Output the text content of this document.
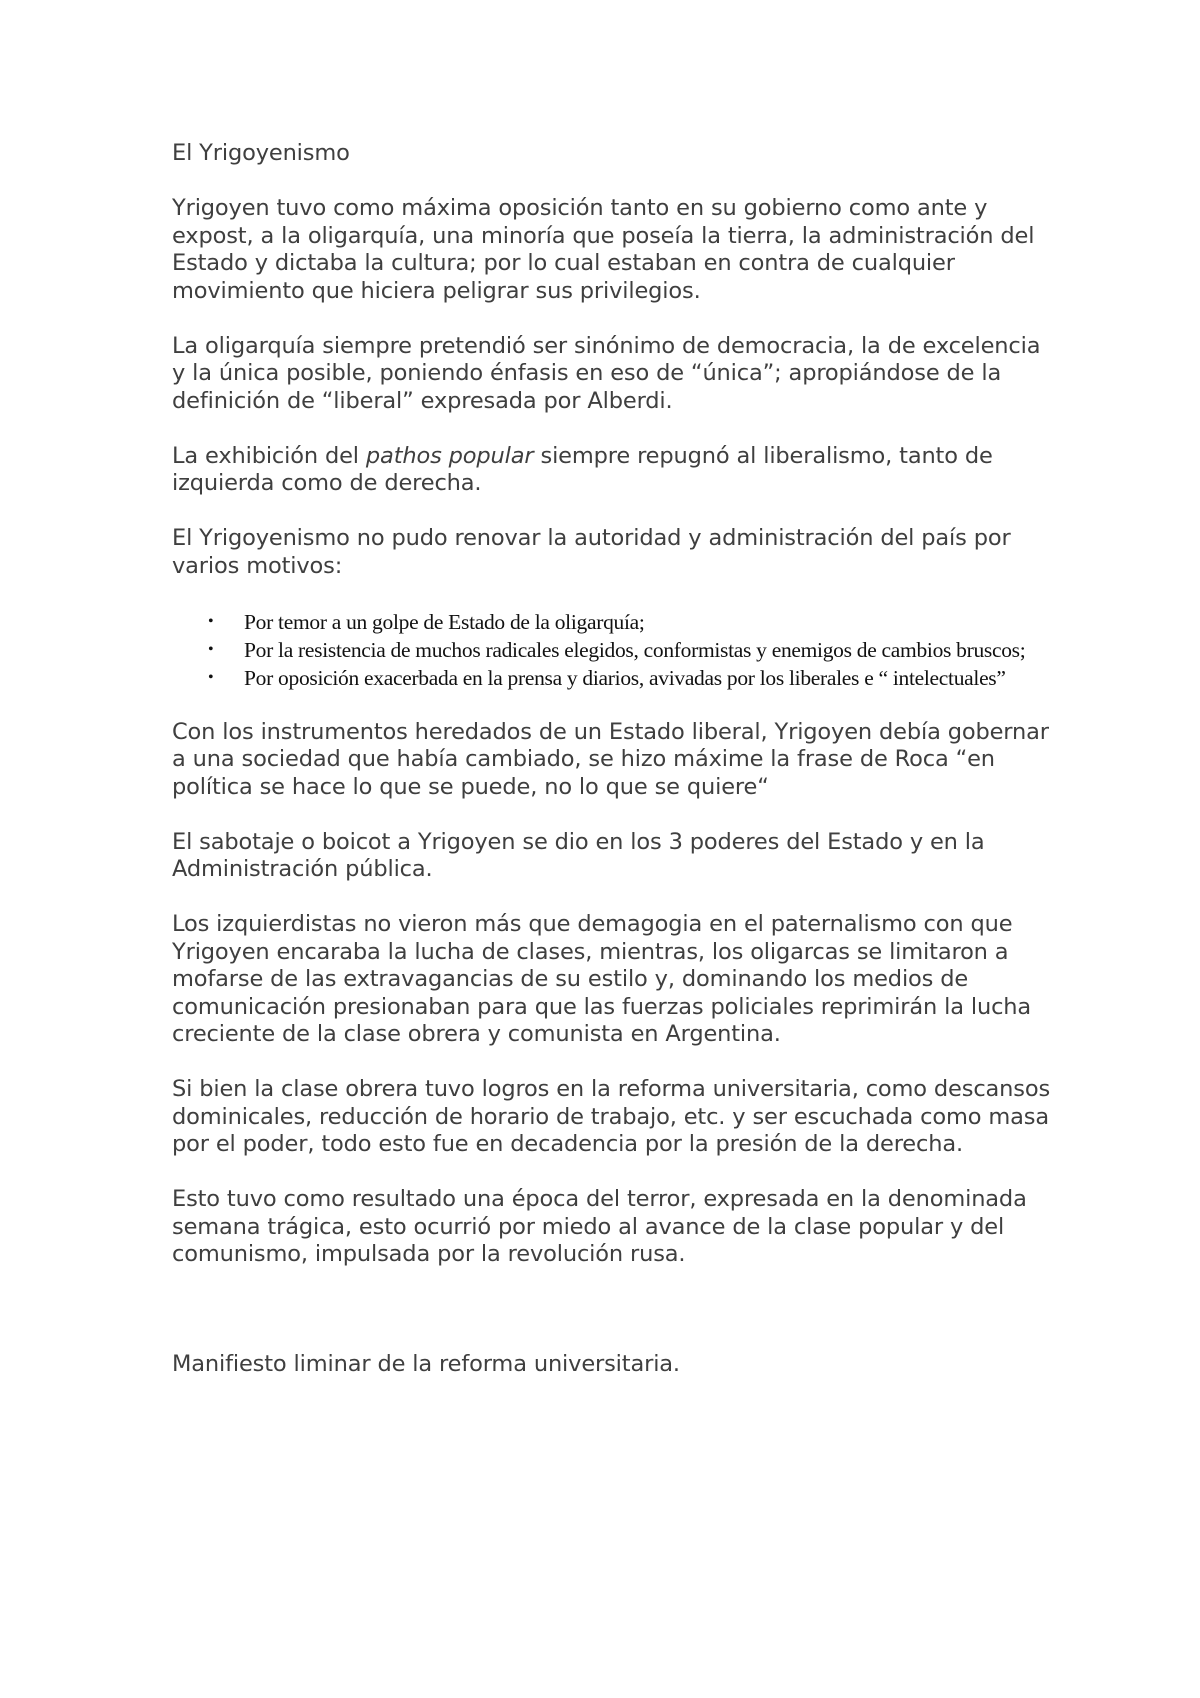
El Yrigoyenismo

Yrigoyen tuvo como máxima oposición tanto en su gobierno como ante y expost, a la oligarquía, una minoría que poseía la tierra, la administración del Estado y dictaba la cultura; por lo cual estaban en contra de cualquier movimiento que hiciera peligrar sus privilegios.

La oligarquía siempre pretendió ser sinónimo de democracia, la de excelencia y la única posible, poniendo énfasis en eso de “única”; apropiándose de la definición de “liberal” expresada por Alberdi.

La exhibición del pathos popular siempre repugnó al liberalismo, tanto de izquierda como de derecha.

El Yrigoyenismo no pudo renovar la autoridad y administración del país por varios motivos:

• Por temor a un golpe de Estado de la oligarquía;
• Por la resistencia de muchos radicales elegidos, conformistas y enemigos de cambios bruscos;
• Por oposición exacerbada en la prensa y diarios, avivadas por los liberales e “ intelectuales”

Con los instrumentos heredados de un Estado liberal, Yrigoyen debía gobernar a una sociedad que había cambiado, se hizo máxime la frase de Roca “en política se hace lo que se puede, no lo que se quiere“

El sabotaje o boicot a Yrigoyen se dio en los 3 poderes del Estado y en la Administración pública.

Los izquierdistas no vieron más que demagogia en el paternalismo con que Yrigoyen encaraba la lucha de clases, mientras, los oligarcas se limitaron a mofarse de las extravagancias de su estilo y, dominando los medios de comunicación presionaban para que las fuerzas policiales reprimirán la lucha creciente de la clase obrera y comunista en Argentina.

Si bien la clase obrera tuvo logros en la reforma universitaria, como descansos dominicales, reducción de horario de trabajo, etc. y ser escuchada como masa por el poder, todo esto fue en decadencia por la presión de la derecha.

Esto tuvo como resultado una época del terror, expresada en la denominada semana trágica, esto ocurrió por miedo al avance de la clase popular y del comunismo, impulsada por la revolución rusa.

Manifiesto liminar de la reforma universitaria.
